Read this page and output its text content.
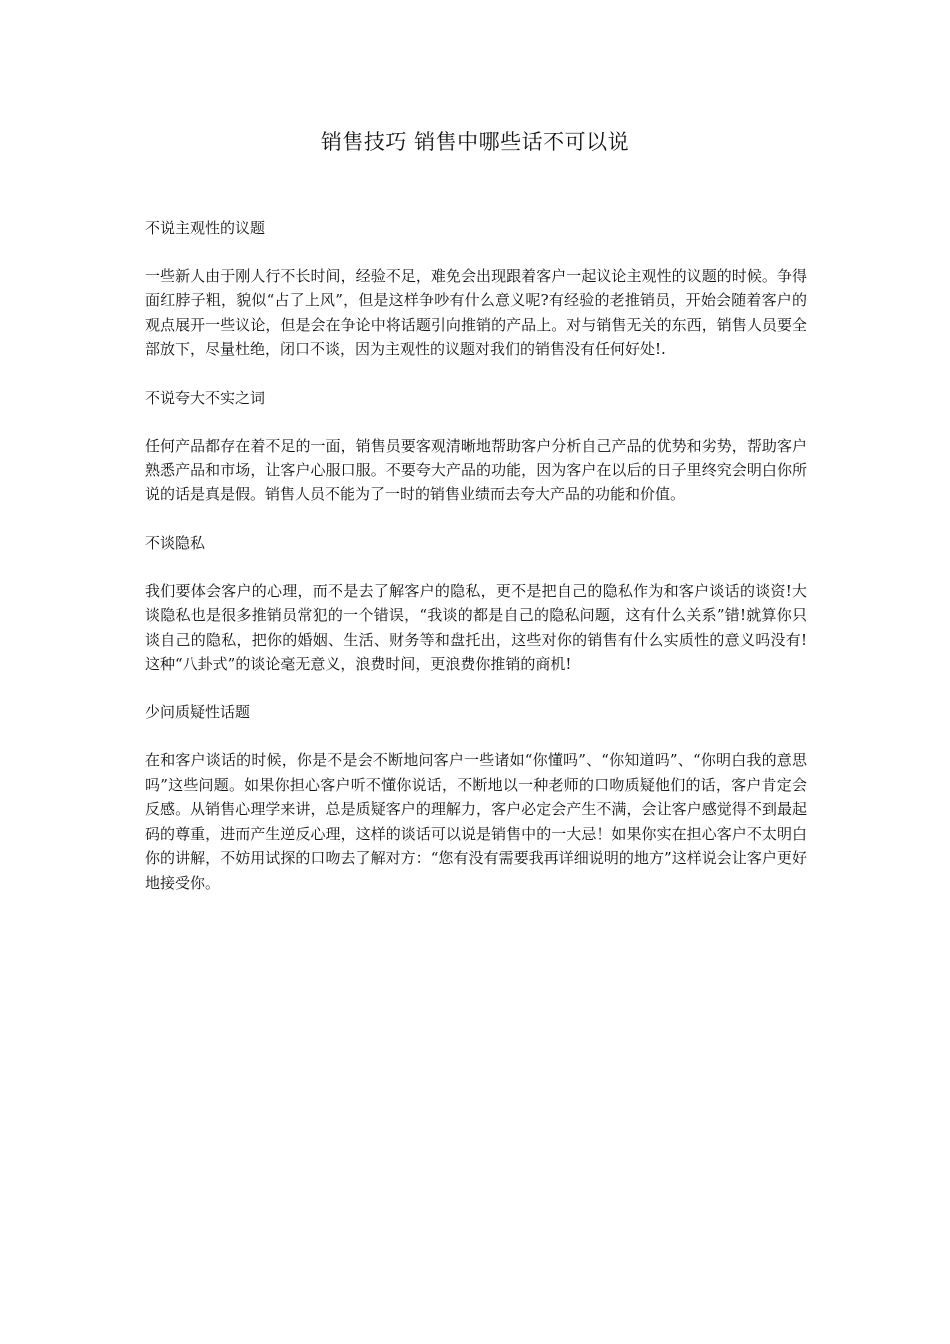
销售技巧 销售中哪些话不可以说
不说主观性的议题

一些新人由于刚人行不长时间，经验不足，难免会出现跟着客户一起议论主观性的议题的时候。争得面红脖子粗，貌似“占了上风”，但是这样争吵有什么意义呢?有经验的老推销员，开始会随着客户的观点展开一些议论，但是会在争论中将话题引向推销的产品上。对与销售无关的东西，销售人员要全部放下，尽量杜绝，闭口不谈，因为主观性的议题对我们的销售没有任何好处!.

不说夸大不实之词

任何产品都存在着不足的一面，销售员要客观清晰地帮助客户分析自己产品的优势和劣势，帮助客户熟悉产品和市场，让客户心服口服。不要夸大产品的功能，因为客户在以后的日子里终究会明白你所说的话是真是假。销售人员不能为了一时的销售业绩而去夸大产品的功能和价值。

不谈隐私

我们要体会客户的心理，而不是去了解客户的隐私，更不是把自己的隐私作为和客户谈话的谈资!大谈隐私也是很多推销员常犯的一个错误，“我谈的都是自己的隐私问题，这有什么关系”错!就算你只谈自己的隐私，把你的婚姻、生活、财务等和盘托出，这些对你的销售有什么实质性的意义吗没有!这种“八卦式”的谈论毫无意义，浪费时间，更浪费你推销的商机!

少问质疑性话题

在和客户谈话的时候，你是不是会不断地问客户一些诸如“你懂吗”、“你知道吗”、“你明白我的意思吗”这些问题。如果你担心客户听不懂你说话，不断地以一种老师的口吻质疑他们的话，客户肯定会反感。从销售心理学来讲，总是质疑客户的理解力，客户必定会产生不满，会让客户感觉得不到最起码的尊重，进而产生逆反心理，这样的谈话可以说是销售中的一大忌！如果你实在担心客户不太明白你的讲解，不妨用试探的口吻去了解对方：“您有没有需要我再详细说明的地方”这样说会让客户更好地接受你。
